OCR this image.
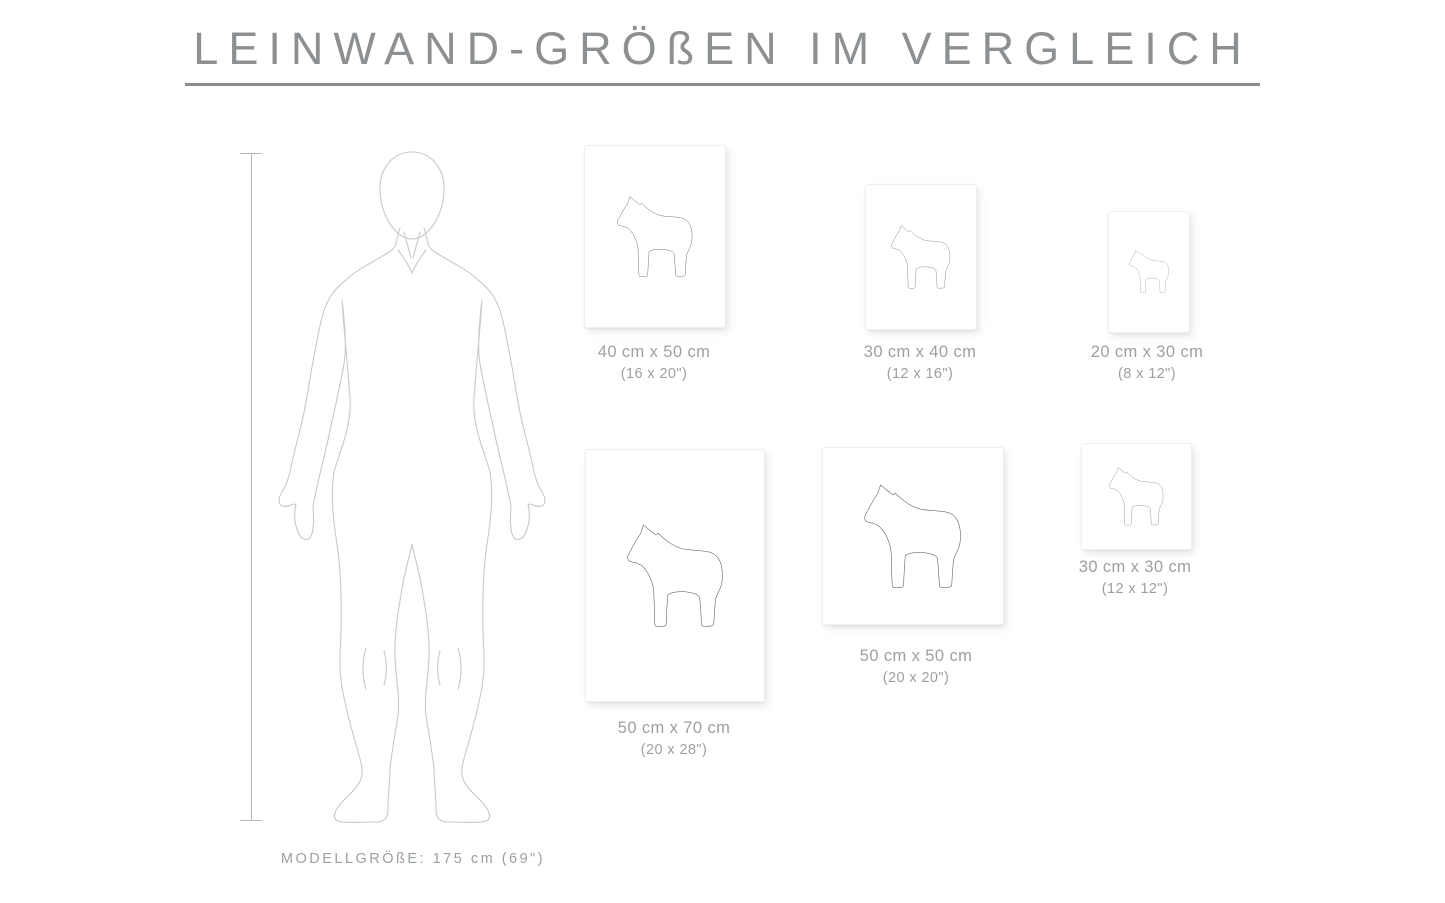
LEINWAND-GRÖßEN IM VERGLEICH
MODELLGRÖßE: 175 cm (69")
40 cm x 50 cm
(16 x 20")
30 cm x 40 cm
(12 x 16")
20 cm x 30 cm
(8 x 12")
50 cm x 70 cm
(20 x 28")
50 cm x 50 cm
(20 x 20")
30 cm x 30 cm
(12 x 12")
